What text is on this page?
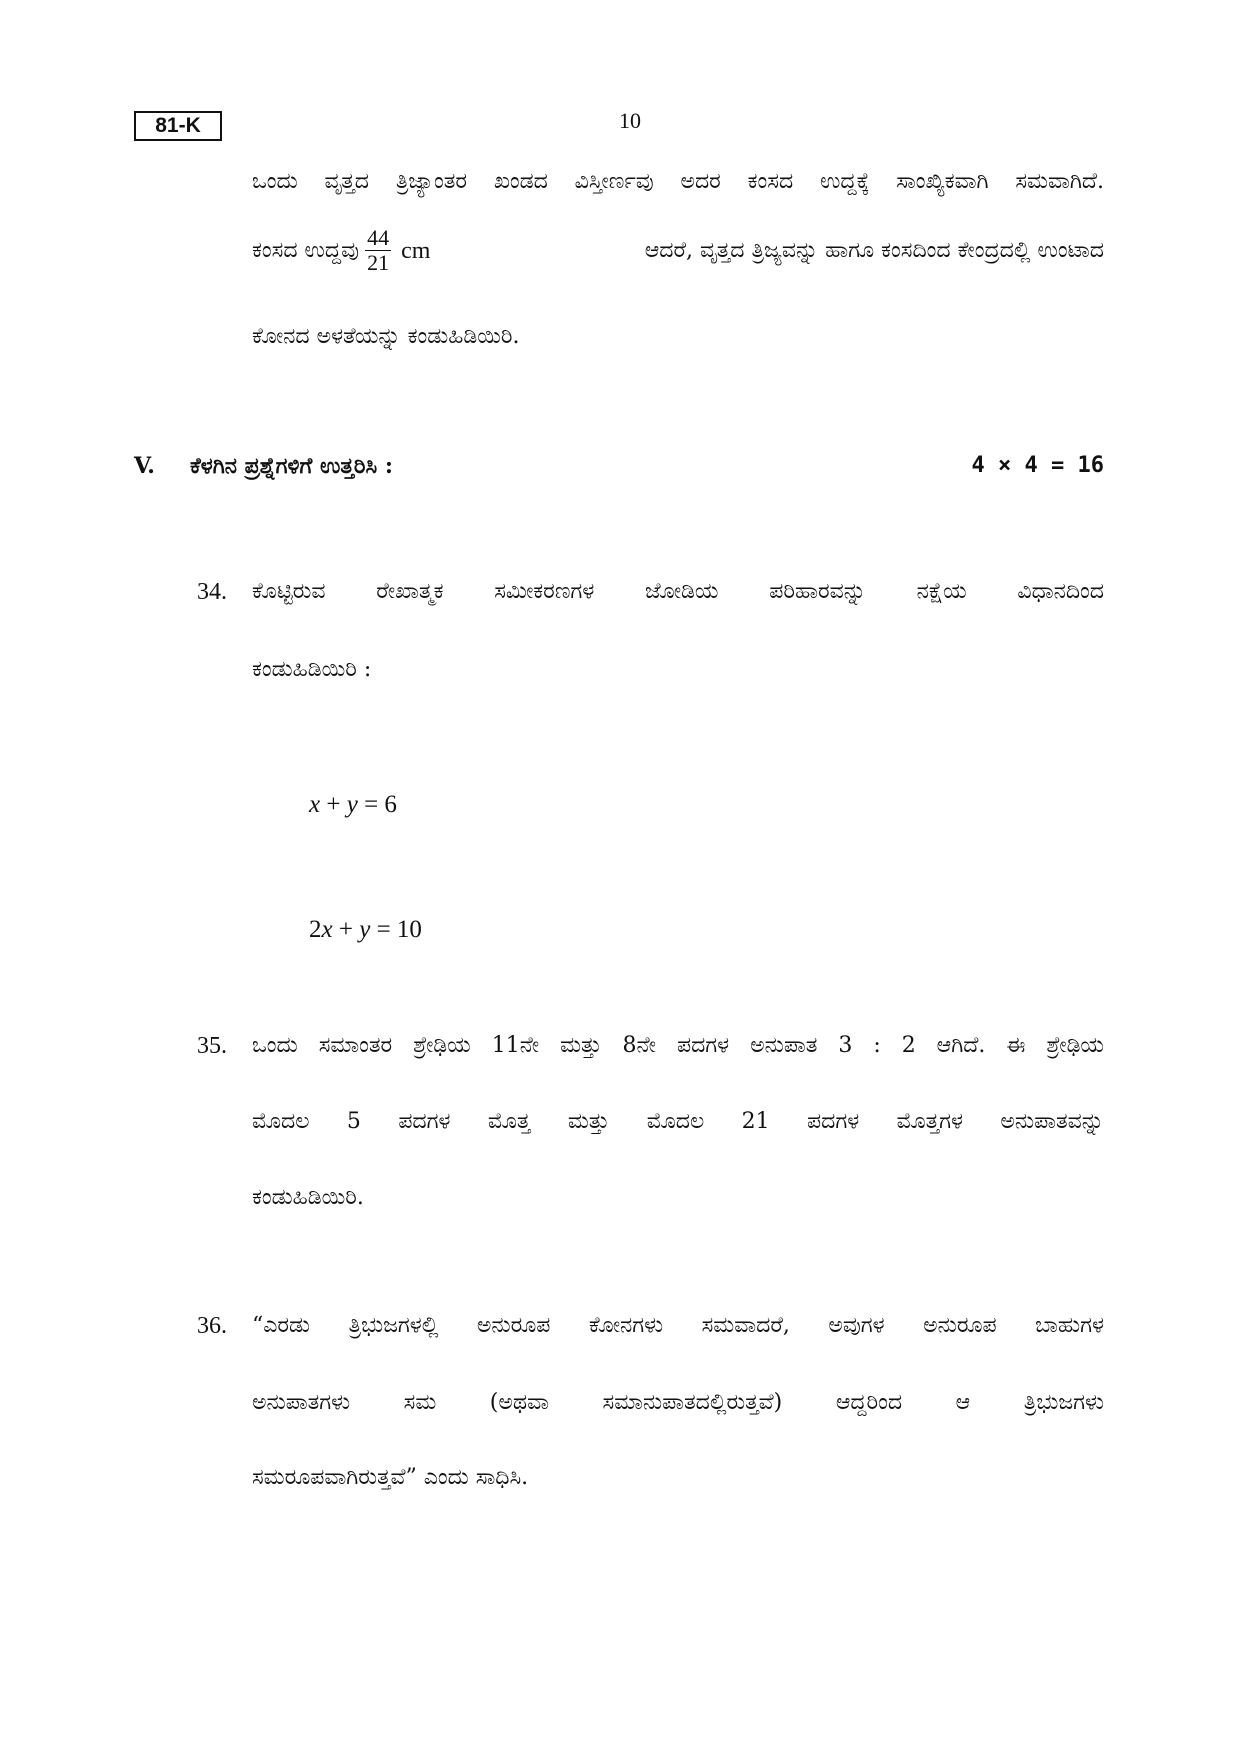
81-K	10
ಒಂದು ವೃತ್ತದ ತ್ರಿಜ್ಯಾಂತರ ಖಂಡದ ವಿಸ್ತೀರ್ಣವು ಅದರ ಕಂಸದ ಉದ್ದಕ್ಕೆ ಸಾಂಖ್ಯಿಕವಾಗಿ ಸಮವಾಗಿದೆ.
ಕಂಸದ ಉದ್ದವು $\frac{44}{21}$ cm	ಆದರೆ, ವೃತ್ತದ ತ್ರಿಜ್ಯವನ್ನು ಹಾಗೂ ಕಂಸದಿಂದ ಕೇಂದ್ರದಲ್ಲಿ ಉಂಟಾದ
ಕೋನದ ಅಳತೆಯನ್ನು ಕಂಡುಹಿಡಿಯಿರಿ.
V. ಕೆಳಗಿನ ಪ್ರಶ್ನೆಗಳಿಗೆ ಉತ್ತರಿಸಿ :	4 × 4 = 16
34. ಕೊಟ್ಟಿರುವ ರೇಖಾತ್ಮಕ ಸಮೀಕರಣಗಳ ಜೋಡಿಯ ಪರಿಹಾರವನ್ನು ನಕ್ಷೆಯ ವಿಧಾನದಿಂದ
ಕಂಡುಹಿಡಿಯಿರಿ :
x + y = 6
2x + y = 10
35. ಒಂದು ಸಮಾಂತರ ಶ್ರೇಢಿಯ 11ನೇ ಮತ್ತು 8ನೇ ಪದಗಳ ಅನುಪಾತ 3 : 2 ಆಗಿದೆ. ಈ ಶ್ರೇಢಿಯ
ಮೊದಲ 5 ಪದಗಳ ಮೊತ್ತ ಮತ್ತು ಮೊದಲ 21 ಪದಗಳ ಮೊತ್ತಗಳ ಅನುಪಾತವನ್ನು
ಕಂಡುಹಿಡಿಯಿರಿ.
36. “ಎರಡು ತ್ರಿಭುಜಗಳಲ್ಲಿ ಅನುರೂಪ ಕೋನಗಳು ಸಮವಾದರೆ, ಅವುಗಳ ಅನುರೂಪ ಬಾಹುಗಳ
ಅನುಪಾತಗಳು ಸಮ (ಅಥವಾ ಸಮಾನುಪಾತದಲ್ಲಿರುತ್ತವೆ) ಆದ್ದರಿಂದ ಆ ತ್ರಿಭುಜಗಳು
ಸಮರೂಪವಾಗಿರುತ್ತವೆ” ಎಂದು ಸಾಧಿಸಿ.
